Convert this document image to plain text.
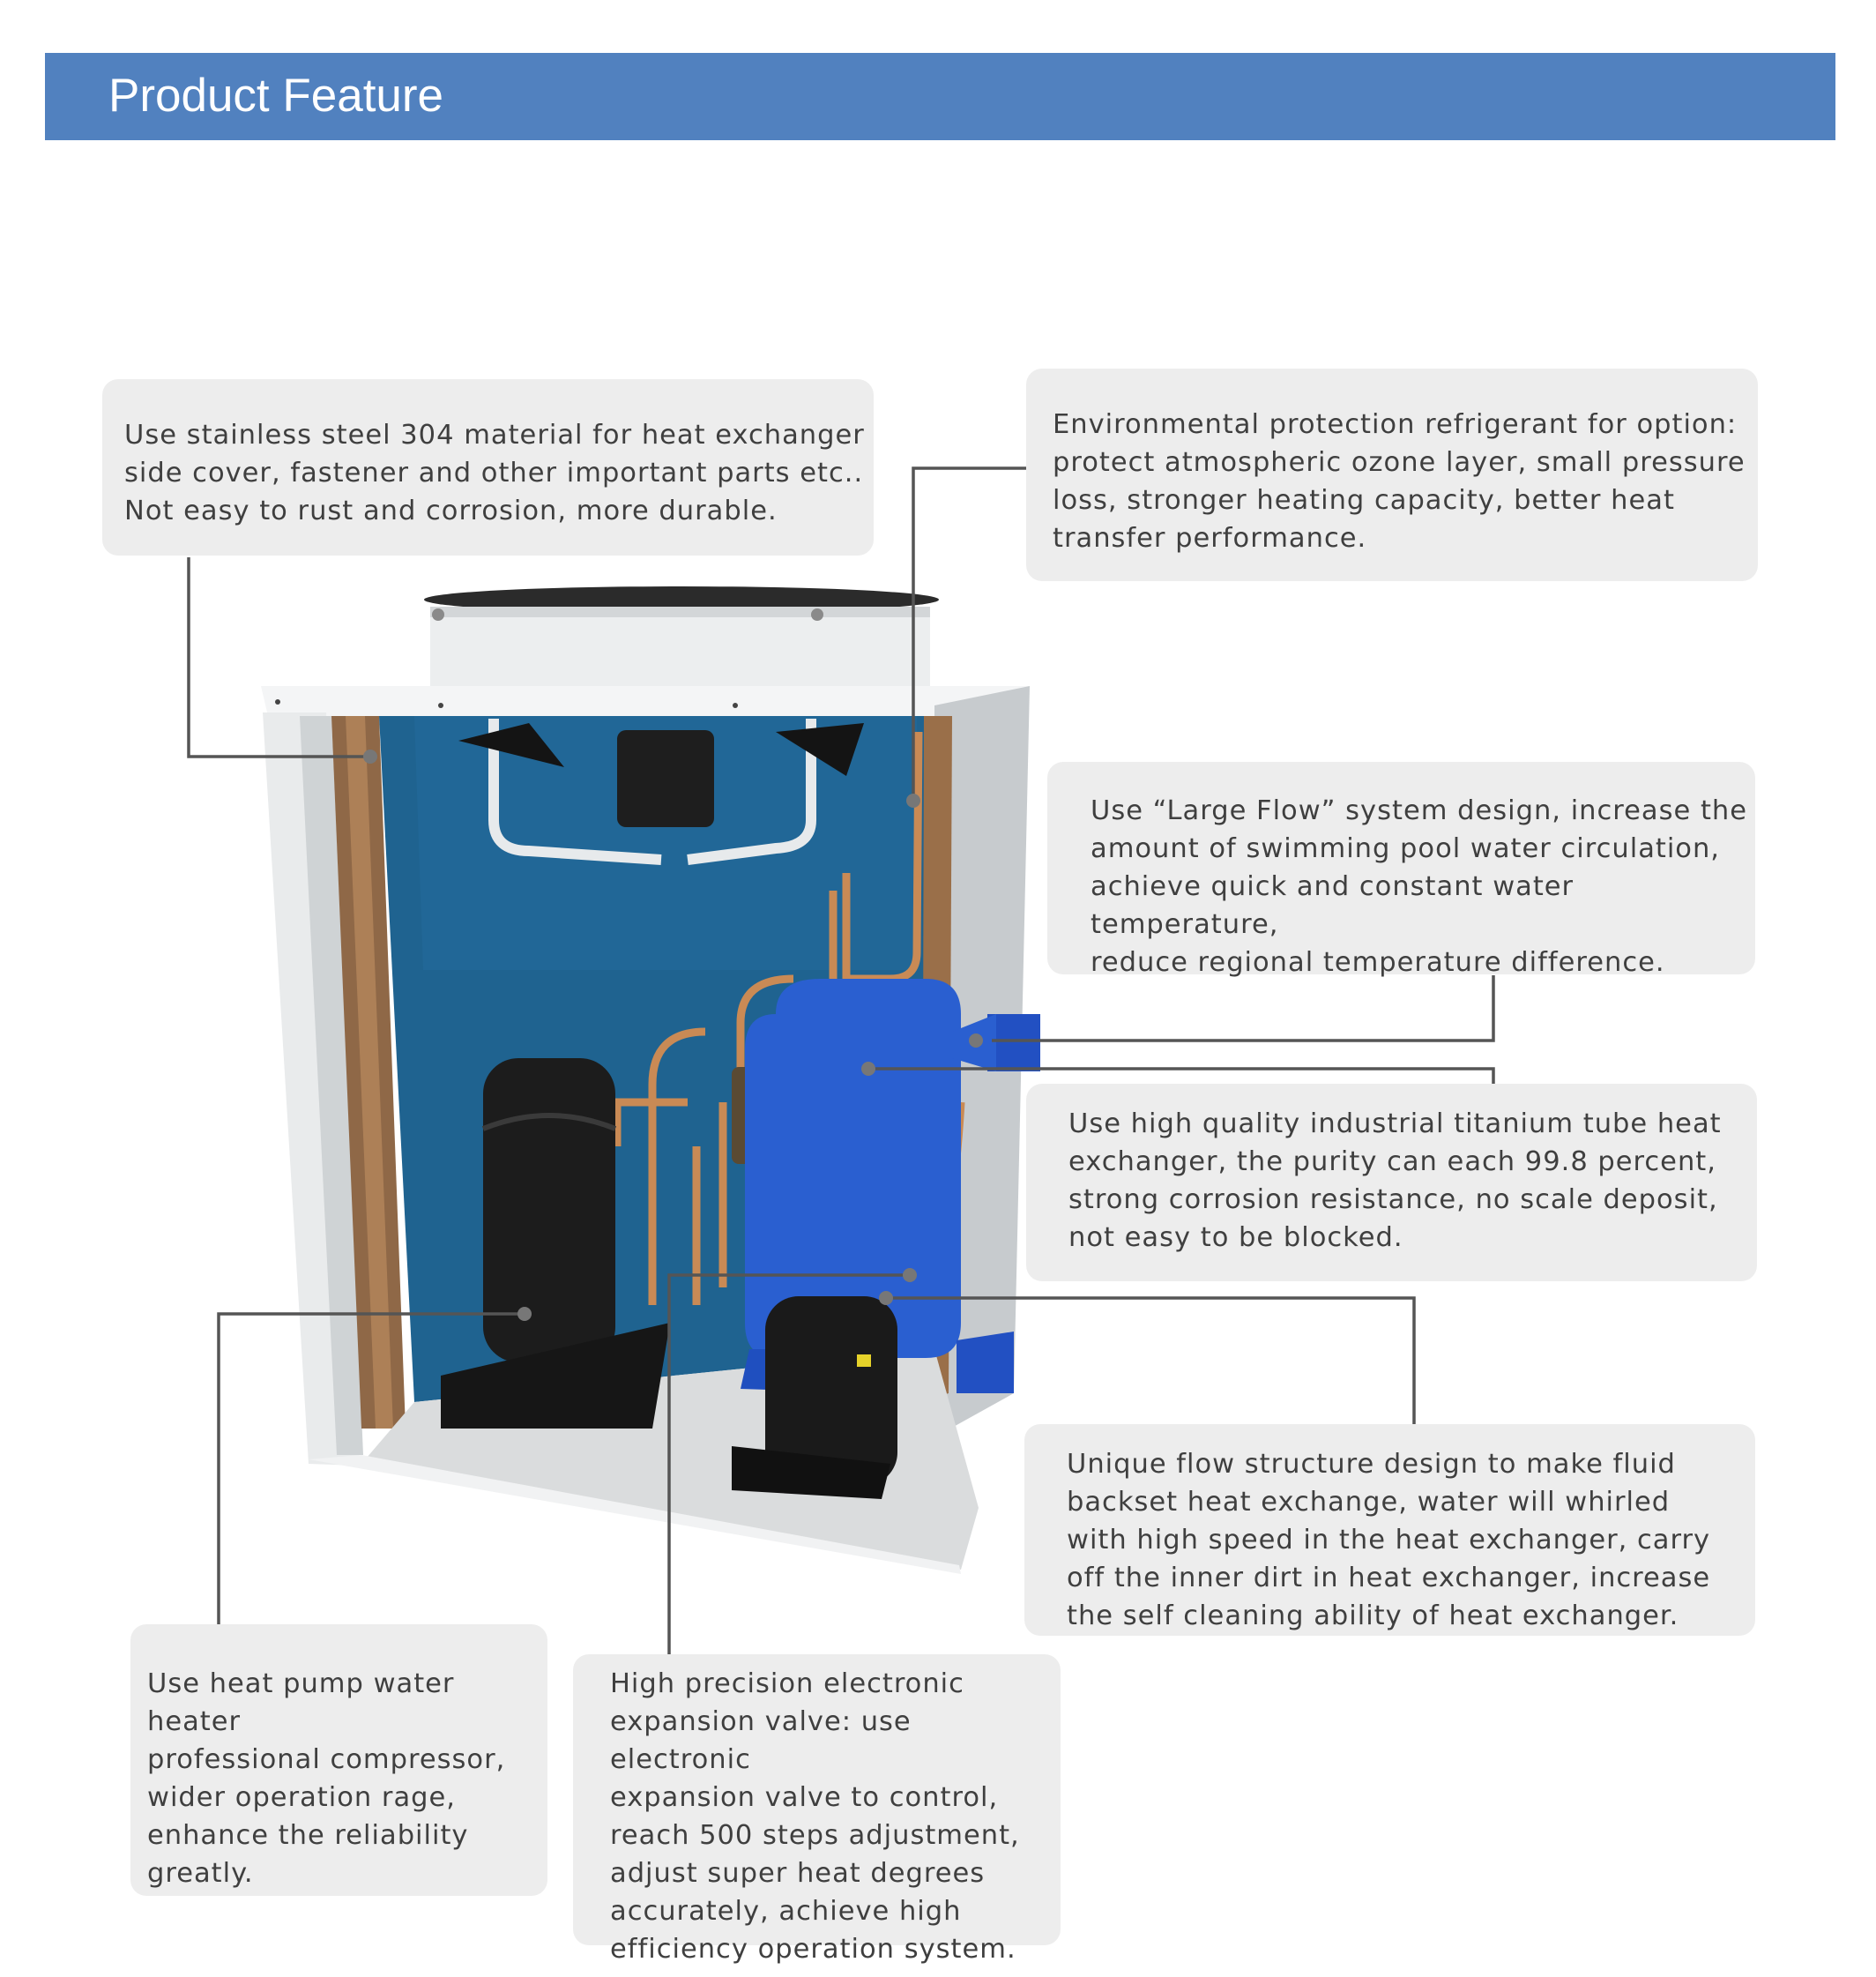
Product Feature

Use stainless steel 304 material for heat exchanger
side cover, fastener and other important parts etc..
Not easy to rust and corrosion, more durable.

Environmental protection refrigerant for option:
protect atmospheric ozone layer, small pressure
loss, stronger heating capacity, better heat
transfer performance.

Use “Large Flow” system design, increase the
amount of swimming pool water circulation,
achieve quick and constant water temperature,
reduce regional temperature difference.

Use high quality industrial titanium tube heat
exchanger, the purity can each 99.8 percent,
strong corrosion resistance, no scale deposit,
not easy to be blocked.

Unique flow structure design to make fluid
backset heat exchange, water will whirled
with high speed in the heat exchanger, carry
off the inner dirt in heat exchanger, increase
the self cleaning ability of heat exchanger.

Use heat pump water heater
professional compressor,
wider operation rage,
enhance the reliability
greatly.

High precision electronic
expansion valve: use electronic
expansion valve to control,
reach 500 steps adjustment,
adjust super heat degrees
accurately, achieve high
efficiency operation system.
